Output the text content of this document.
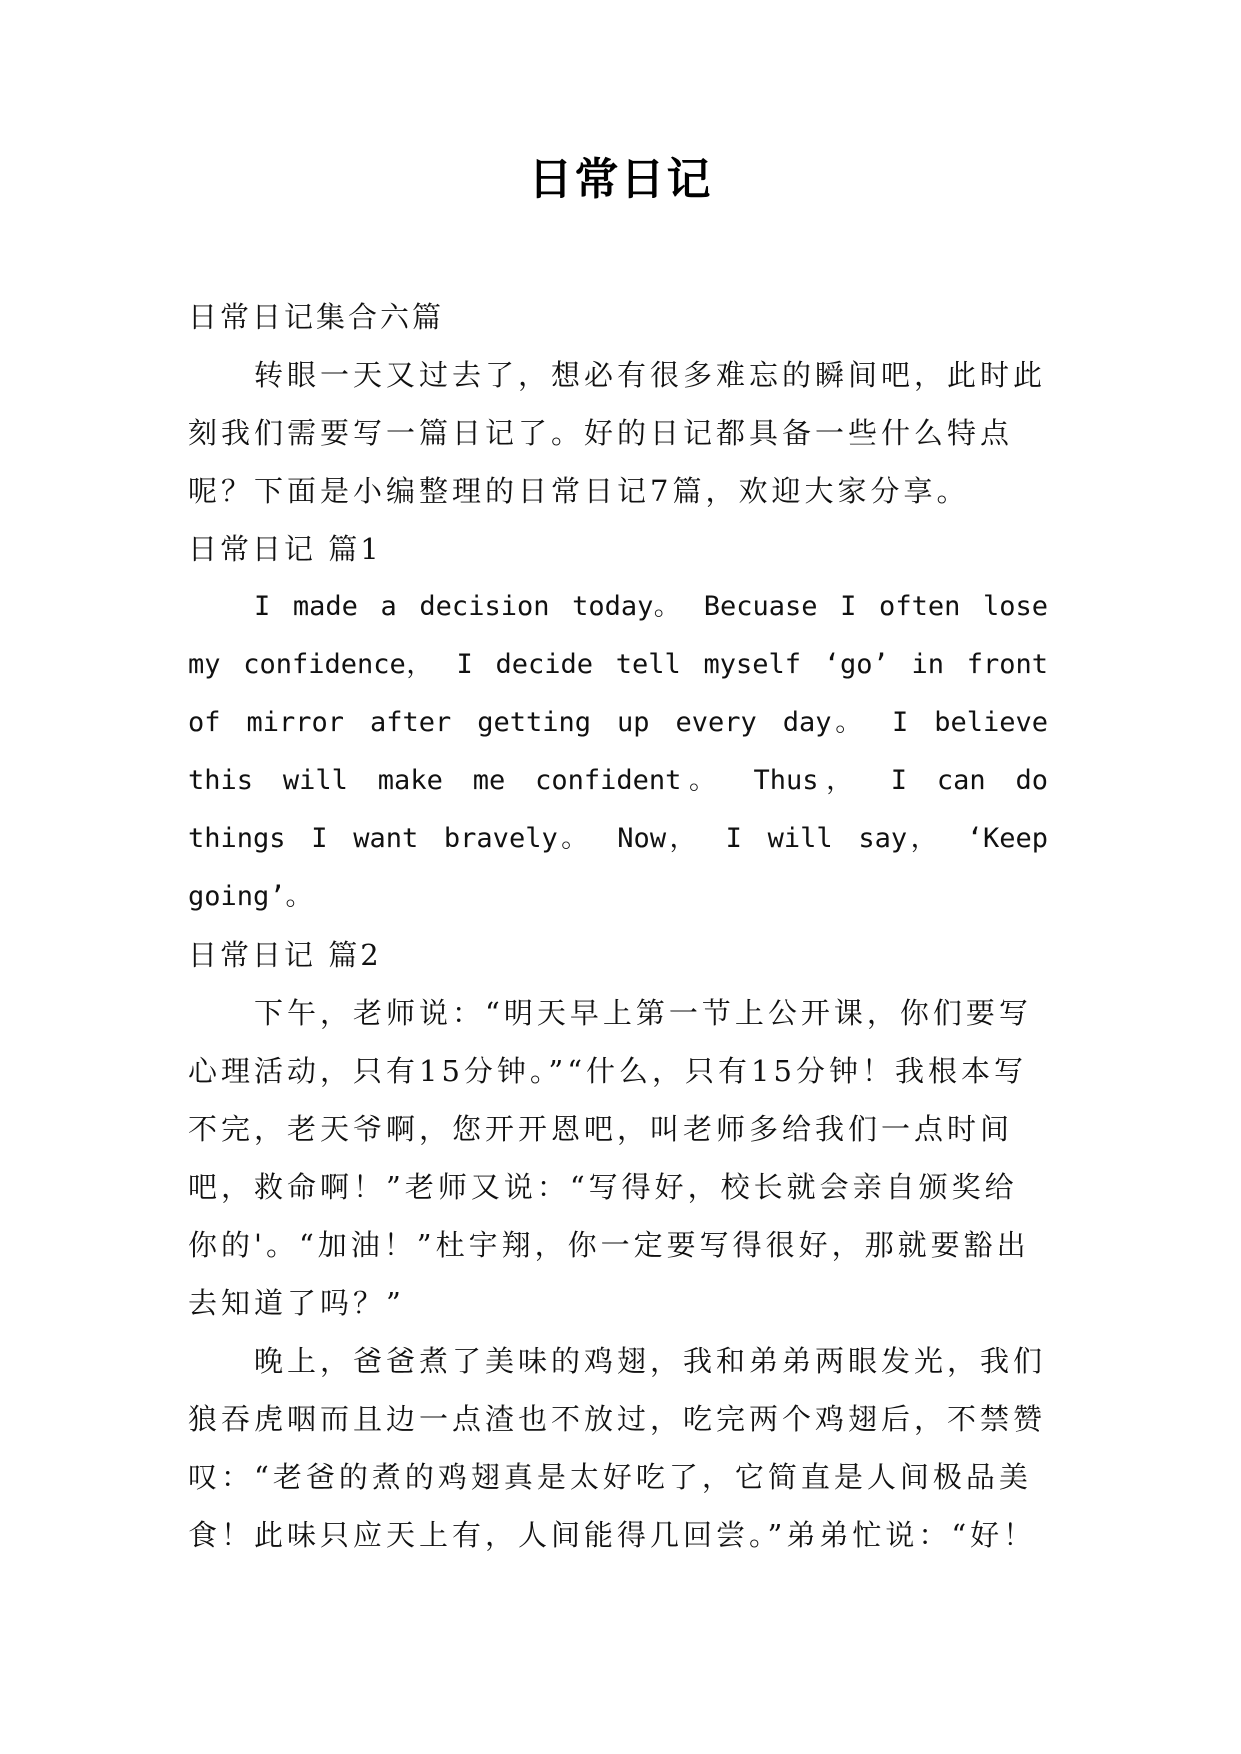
日常日记

日常日记集合六篇

转眼一天又过去了，想必有很多难忘的瞬间吧，此时此刻我们需要写一篇日记了。好的日记都具备一些什么特点呢？下面是小编整理的日常日记7篇，欢迎大家分享。

日常日记 篇1

I made a decision today。 Becuase I often lose my confidence， I decide tell myself ‘go’ in front of mirror after getting up every day。 I believe this will make me confident。 Thus， I can do things I want bravely。 Now， I will say， ‘Keep going’。

日常日记 篇2

下午，老师说：“明天早上第一节上公开课，你们要写心理活动，只有15分钟。”“什么，只有15分钟！我根本写不完，老天爷啊，您开开恩吧，叫老师多给我们一点时间吧，救命啊！”老师又说：“写得好，校长就会亲自颁奖给你的'。“加油！”杜宇翔，你一定要写得很好，那就要豁出去知道了吗？”

晚上，爸爸煮了美味的鸡翅，我和弟弟两眼发光，我们狼吞虎咽而且边一点渣也不放过，吃完两个鸡翅后，不禁赞叹：“老爸的煮的鸡翅真是太好吃了，它简直是人间极品美食！此味只应天上有，人间能得几回尝。”弟弟忙说：“好！
